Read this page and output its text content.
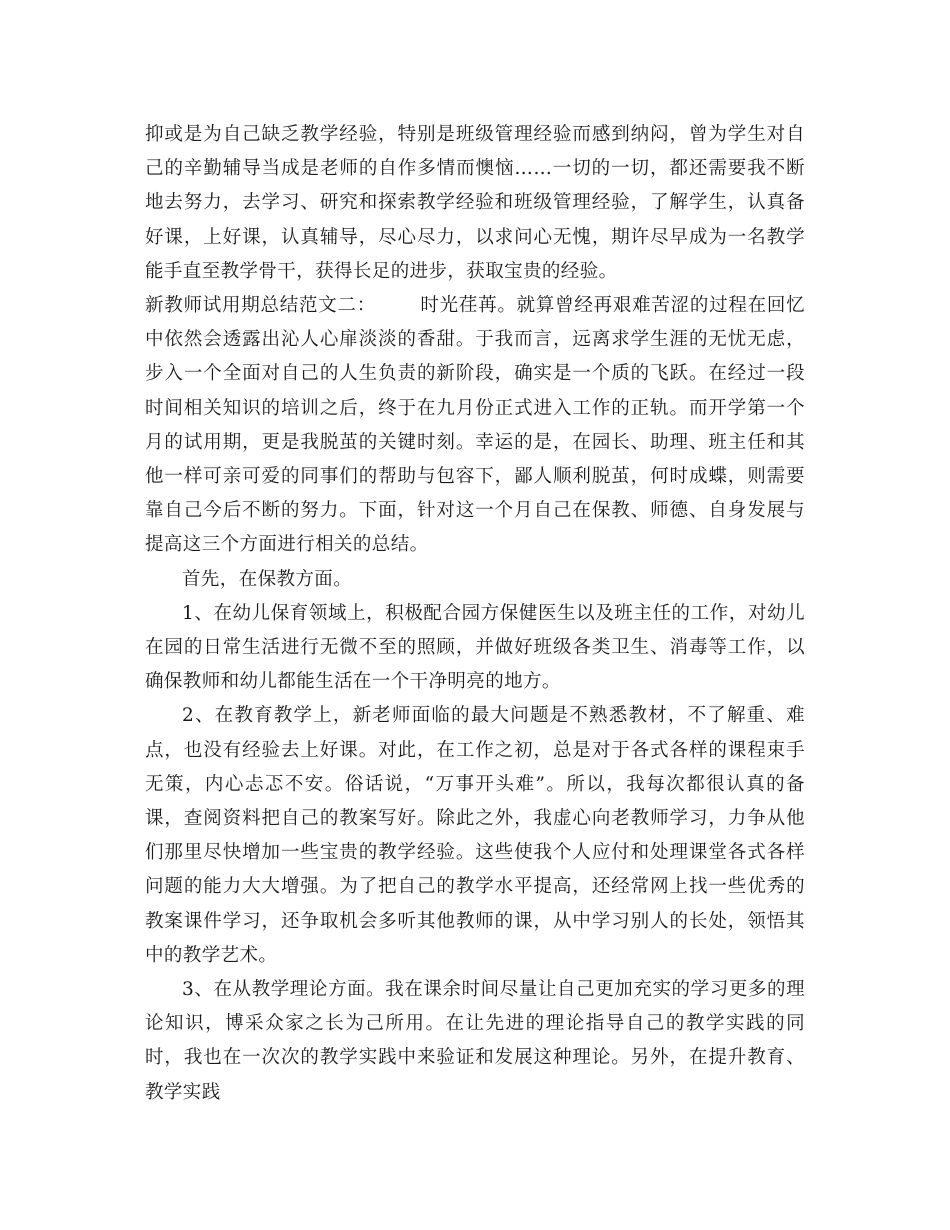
抑或是为自己缺乏教学经验，特别是班级管理经验而感到纳闷，曾为学生对自己的辛勤辅导当成是老师的自作多情而懊恼……一切的一切，都还需要我不断地去努力，去学习、研究和探索教学经验和班级管理经验，了解学生，认真备好课，上好课，认真辅导，尽心尽力，以求问心无愧，期许尽早成为一名教学能手直至教学骨干，获得长足的进步，获取宝贵的经验。

新教师试用期总结范文二： 时光荏苒。就算曾经再艰难苦涩的过程在回忆中依然会透露出沁人心扉淡淡的香甜。于我而言，远离求学生涯的无忧无虑，步入一个全面对自己的人生负责的新阶段，确实是一个质的飞跃。在经过一段时间相关知识的培训之后，终于在九月份正式进入工作的正轨。而开学第一个月的试用期，更是我脱茧的关键时刻。幸运的是，在园长、助理、班主任和其他一样可亲可爱的同事们的帮助与包容下，鄙人顺利脱茧，何时成蝶，则需要靠自己今后不断的努力。下面，针对这一个月自己在保教、师德、自身发展与提高这三个方面进行相关的总结。

首先，在保教方面。

1、在幼儿保育领域上，积极配合园方保健医生以及班主任的工作，对幼儿在园的日常生活进行无微不至的照顾，并做好班级各类卫生、消毒等工作，以确保教师和幼儿都能生活在一个干净明亮的地方。

2、在教育教学上，新老师面临的最大问题是不熟悉教材，不了解重、难点，也没有经验去上好课。对此，在工作之初，总是对于各式各样的课程束手无策，内心忐忑不安。俗话说，“万事开头难”。所以，我每次都很认真的备课，查阅资料把自己的教案写好。除此之外，我虚心向老教师学习，力争从他们那里尽快增加一些宝贵的教学经验。这些使我个人应付和处理课堂各式各样问题的能力大大增强。为了把自己的教学水平提高，还经常网上找一些优秀的教案课件学习，还争取机会多听其他教师的课，从中学习别人的长处，领悟其中的教学艺术。

3、在从教学理论方面。我在课余时间尽量让自己更加充实的学习更多的理论知识，博采众家之长为己所用。在让先进的理论指导自己的教学实践的同时，我也在一次次的教学实践中来验证和发展这种理论。另外，在提升教育、教学实践
